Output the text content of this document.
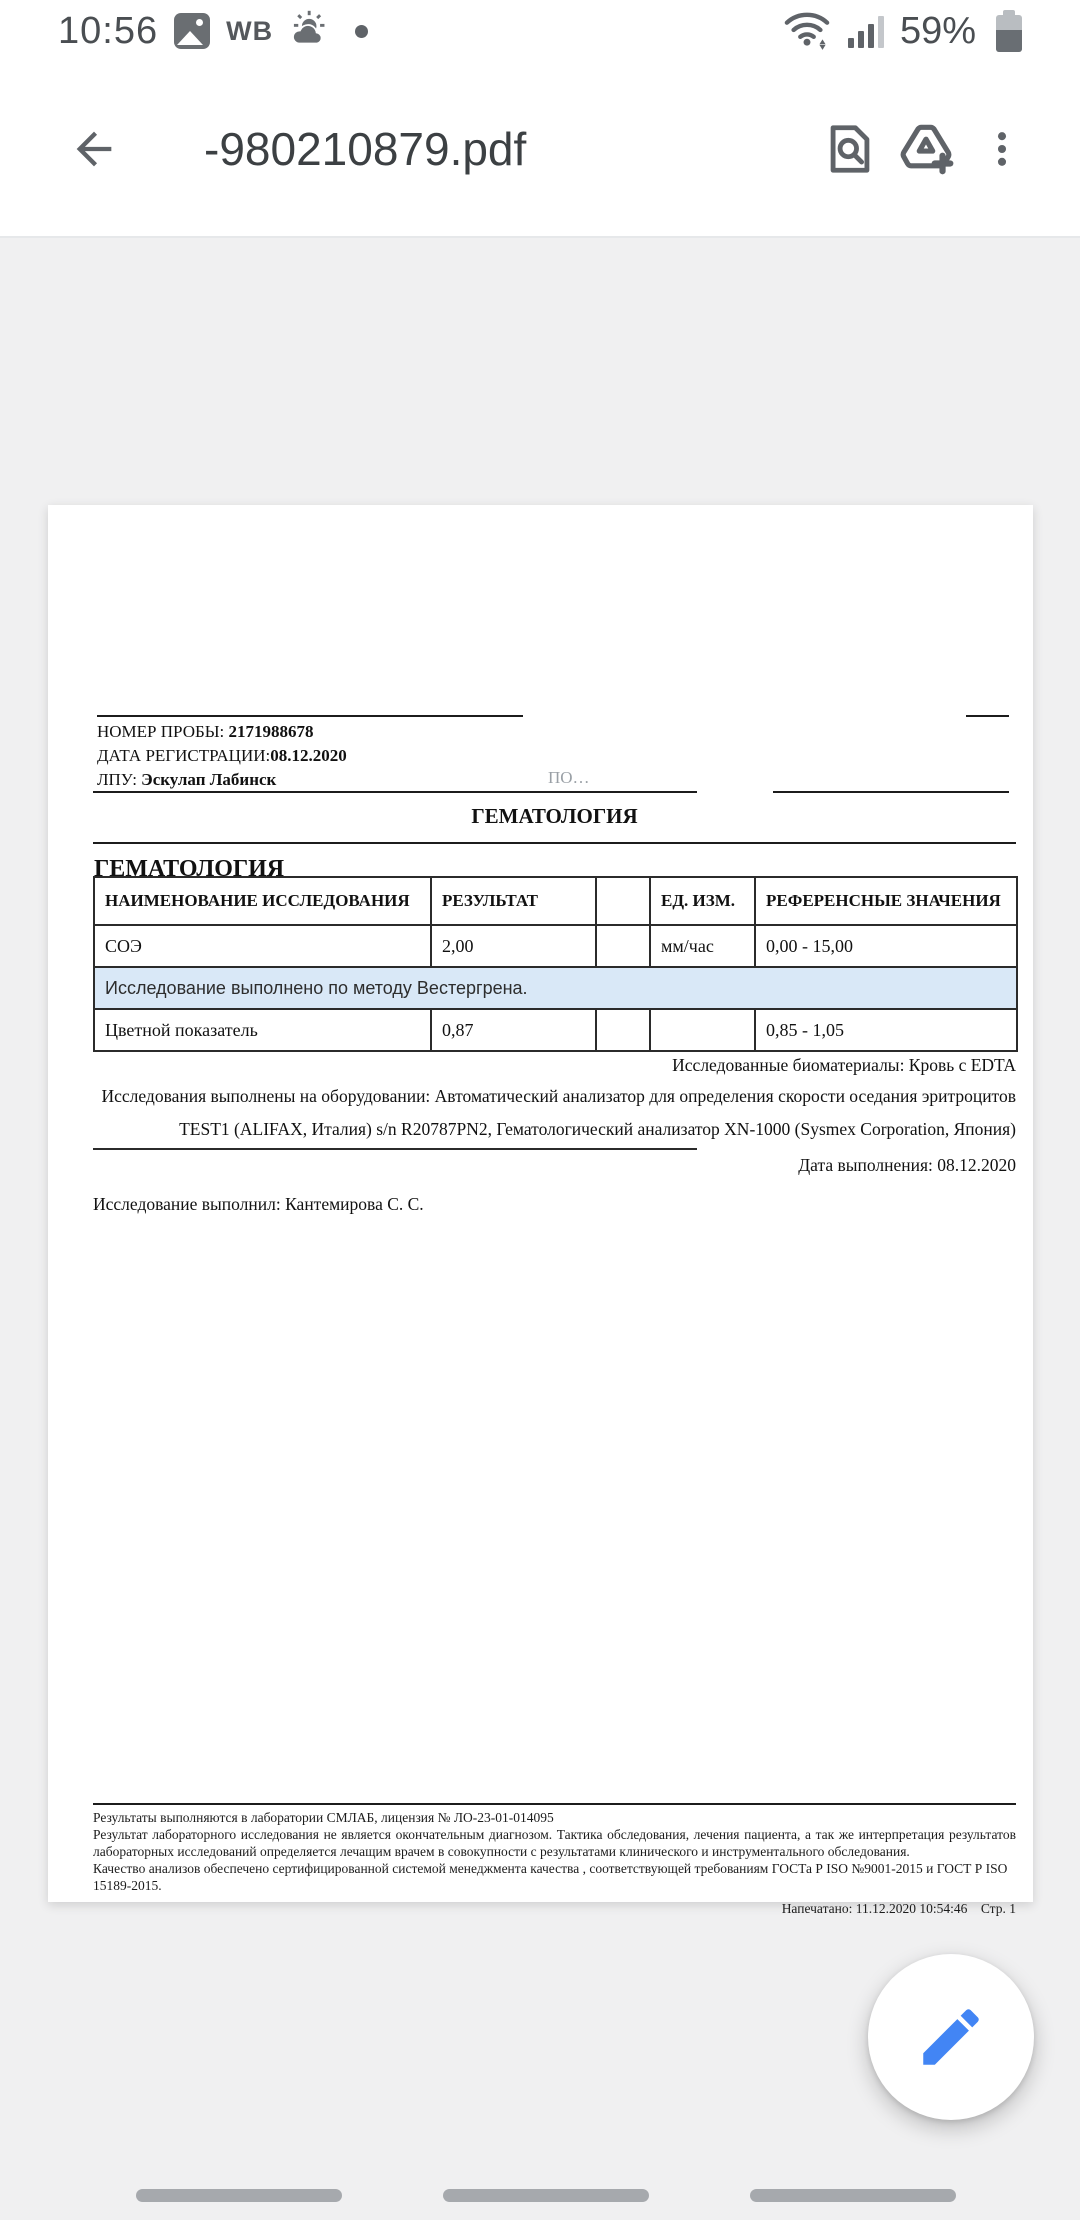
10:56	WB	59%
-980210879.pdf
НОМЕР ПРОБЫ: 2171988678
ДАТА РЕГИСТРАЦИИ:08.12.2020
ЛПУ: Эскулап Лабинск	ПО…
ГЕМАТОЛОГИЯ
ГЕМАТОЛОГИЯ
НАИМЕНОВАНИЕ ИССЛЕДОВАНИЯ	РЕЗУЛЬТАТ		ЕД. ИЗМ.	РЕФЕРЕНСНЫЕ ЗНАЧЕНИЯ
СОЭ	2,00		мм/час	0,00 - 15,00
Исследование выполнено по методу Вестергрена.				
Цветной показатель	0,87			0,85 - 1,05
Исследованные биоматериалы: Кровь с EDTA
Исследования выполнены на оборудовании: Автоматический анализатор для определения скорости оседания эритроцитов TEST1 (ALIFAX, Италия) s/n R20787PN2, Гематологический анализатор XN-1000 (Sysmex Corporation, Япония)
Дата выполнения: 08.12.2020
Исследование выполнил: Кантемирова С. С.
Результаты выполняются в лаборатории СМЛАБ, лицензия № ЛО-23-01-014095
Результат лабораторного исследования не является окончательным диагнозом. Тактика обследования, лечения пациента, а так же интерпретация результатов лабораторных исследований определяется лечащим врачем в совокупности с результатами клинического и инструментального обследования.
Качество анализов обеспечено сертифицированной системой менеджмента качества , соответствующей требованиям ГОСТа Р ISO №9001-2015 и ГОСТ Р ISO 15189-2015.
Напечатано: 11.12.2020 10:54:46    Стр. 1
